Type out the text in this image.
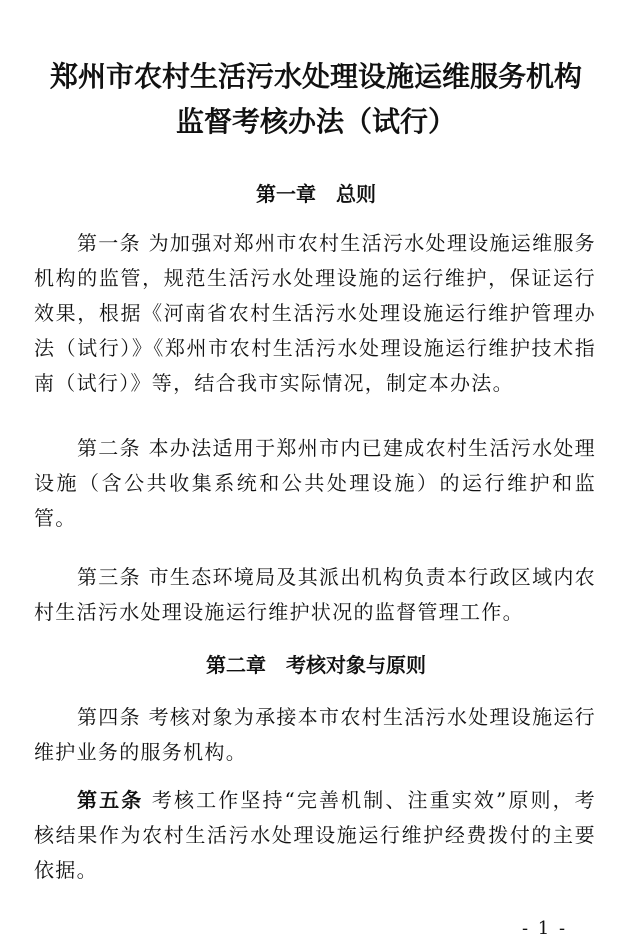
郑州市农村生活污水处理设施运维服务机构
监督考核办法（试行）
第一章　总则

第一条 为加强对郑州市农村生活污水处理设施运维服务机构的监管，规范生活污水处理设施的运行维护，保证运行效果，根据《河南省农村生活污水处理设施运行维护管理办法（试行）》《郑州市农村生活污水处理设施运行维护技术指南（试行）》等，结合我市实际情况，制定本办法。

第二条 本办法适用于郑州市内已建成农村生活污水处理设施（含公共收集系统和公共处理设施）的运行维护和监管。

第三条 市生态环境局及其派出机构负责本行政区域内农村生活污水处理设施运行维护状况的监督管理工作。

第二章　考核对象与原则

第四条 考核对象为承接本市农村生活污水处理设施运行维护业务的服务机构。

第五条 考核工作坚持“完善机制、注重实效”原则，考核结果作为农村生活污水处理设施运行维护经费拨付的主要依据。

- 1 -
